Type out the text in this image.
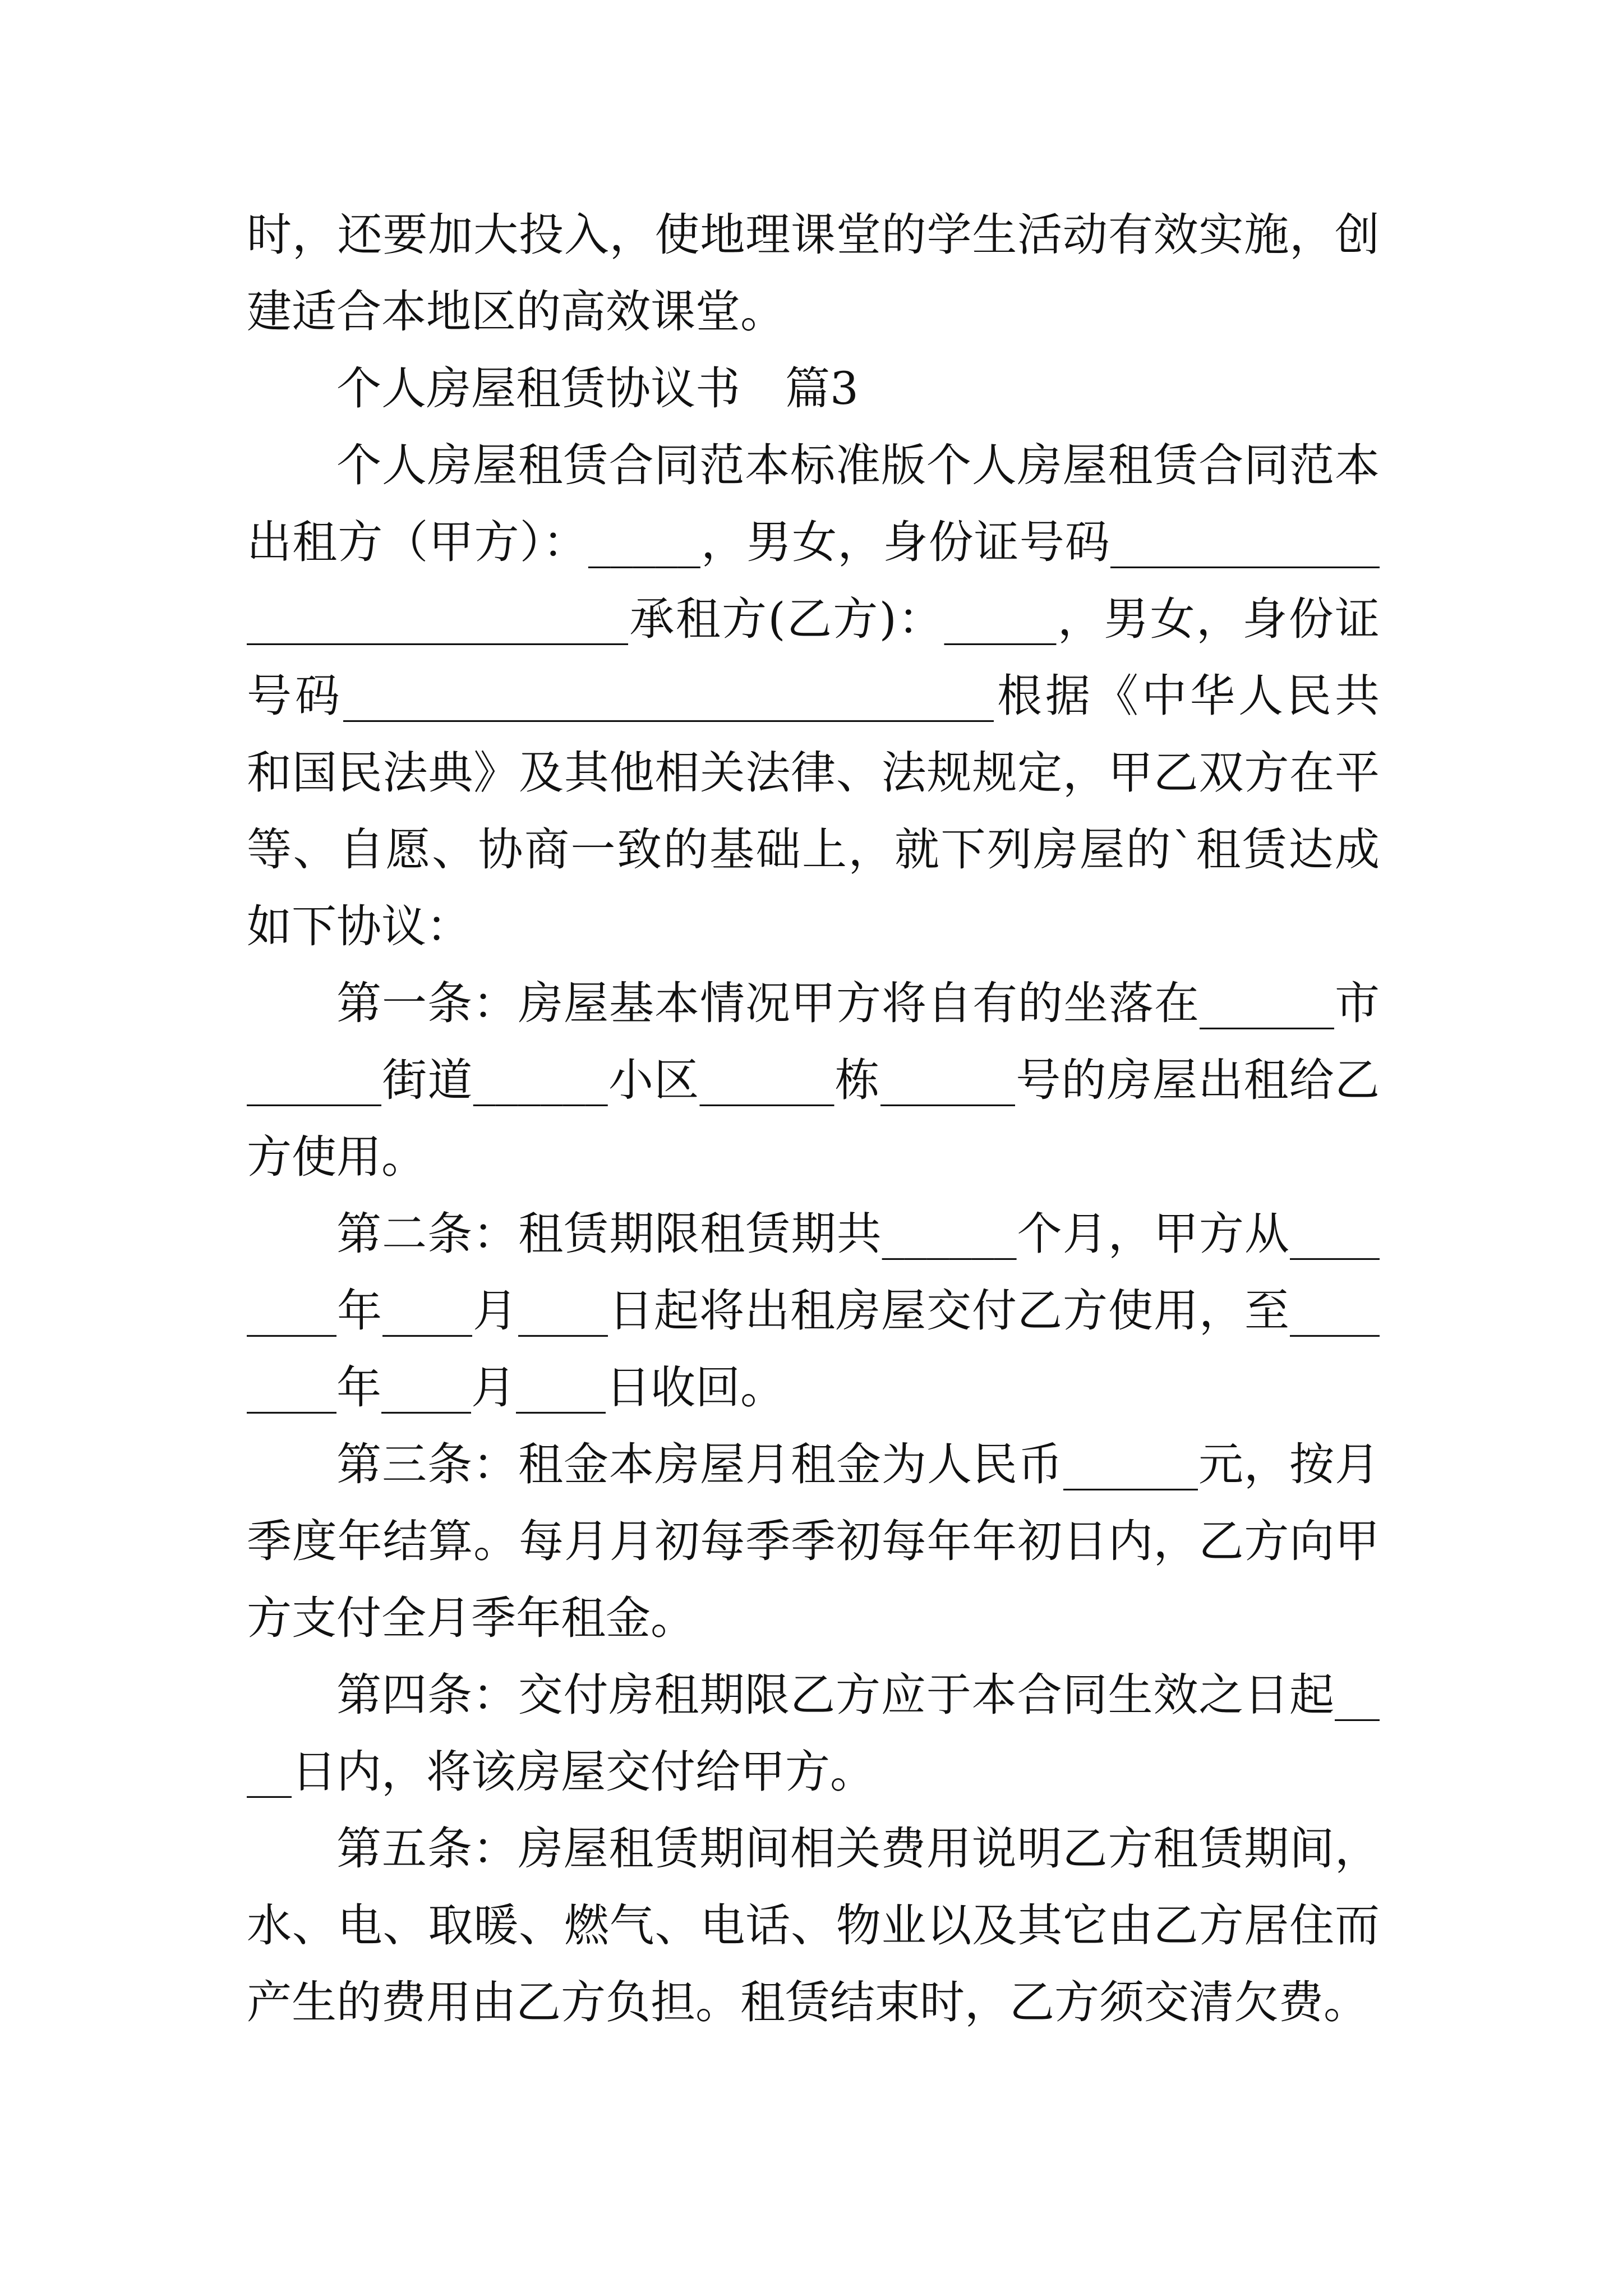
时，还要加大投入，使地理课堂的学生活动有效实施，创建适合本地区的高效课堂。

个人房屋租赁协议书　篇3

个人房屋租赁合同范本标准版个人房屋租赁合同范本出租方（甲方）：_____，男女，身份证号码_____________________________承租方(乙方)：_____，男女，身份证号码_____________________________根据《中华人民共和国民法典》及其他相关法律、法规规定，甲乙双方在平等、自愿、协商一致的基础上，就下列房屋的`租赁达成如下协议：

第一条：房屋基本情况甲方将自有的坐落在______市______街道______小区______栋______号的房屋出租给乙方使用。

第二条：租赁期限租赁期共______个月，甲方从________年____月____日起将出租房屋交付乙方使用，至________年____月____日收回。

第三条：租金本房屋月租金为人民币______元，按月季度年结算。每月月初每季季初每年年初日内，乙方向甲方支付全月季年租金。

第四条：交付房租期限乙方应于本合同生效之日起____日内，将该房屋交付给甲方。

第五条：房屋租赁期间相关费用说明乙方租赁期间，水、电、取暖、燃气、电话、物业以及其它由乙方居住而产生的费用由乙方负担。租赁结束时，乙方须交清欠费。
